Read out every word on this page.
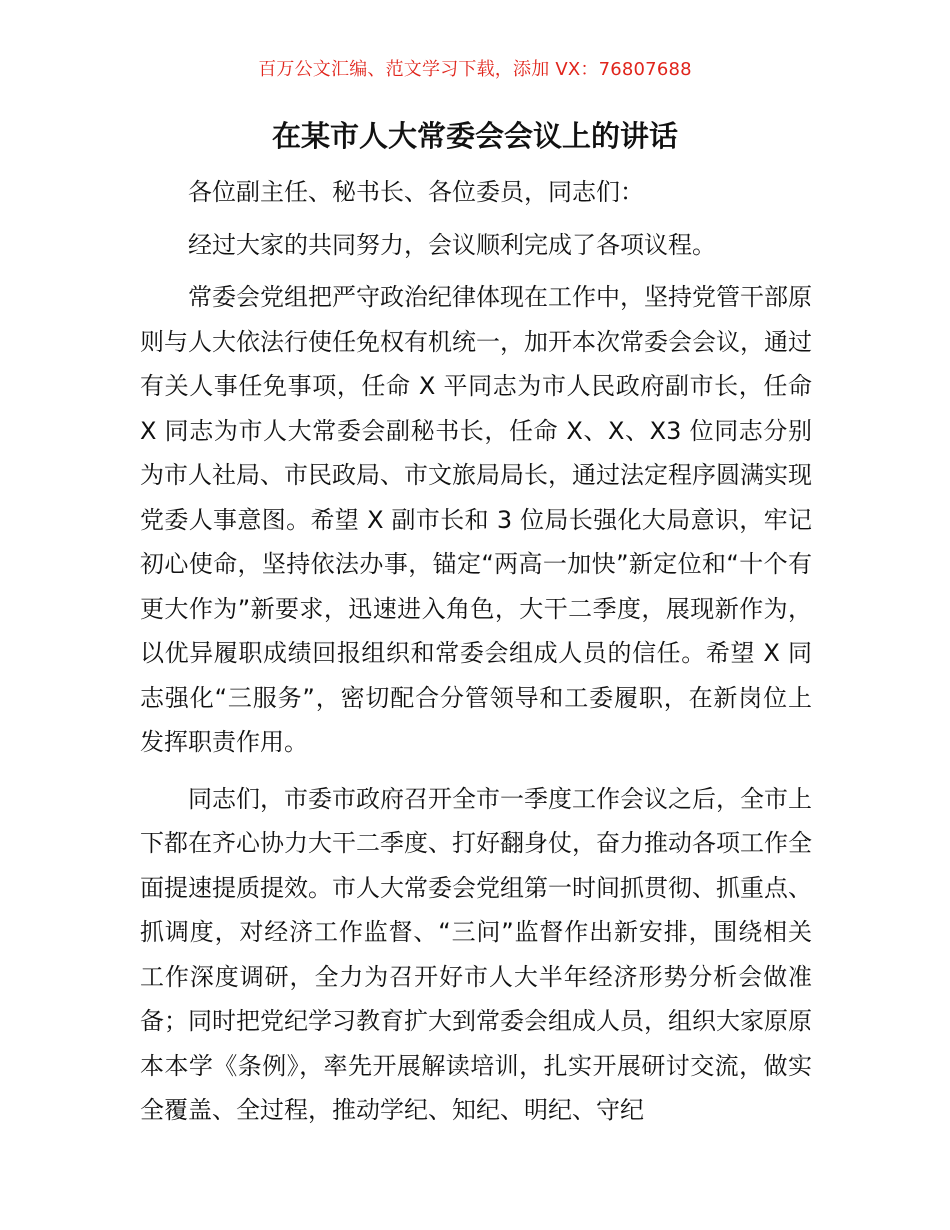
百万公文汇编、范文学习下载，添加 VX：76807688
在某市人大常委会会议上的讲话

各位副主任、秘书长、各位委员，同志们：

经过大家的共同努力，会议顺利完成了各项议程。

常委会党组把严守政治纪律体现在工作中，坚持党管干部原则与人大依法行使任免权有机统一，加开本次常委会会议，通过有关人事任免事项，任命 X 平同志为市人民政府副市长，任命 X 同志为市人大常委会副秘书长，任命 X、X、X3 位同志分别为市人社局、市民政局、市文旅局局长，通过法定程序圆满实现党委人事意图。希望 X 副市长和 3 位局长强化大局意识，牢记初心使命，坚持依法办事，锚定“两高一加快”新定位和“十个有更大作为”新要求，迅速进入角色，大干二季度，展现新作为，以优异履职成绩回报组织和常委会组成人员的信任。希望 X 同志强化“三服务”，密切配合分管领导和工委履职，在新岗位上发挥职责作用。

同志们，市委市政府召开全市一季度工作会议之后，全市上下都在齐心协力大干二季度、打好翻身仗，奋力推动各项工作全面提速提质提效。市人大常委会党组第一时间抓贯彻、抓重点、抓调度，对经济工作监督、“三问”监督作出新安排，围绕相关工作深度调研，全力为召开好市人大半年经济形势分析会做准备；同时把党纪学习教育扩大到常委会组成人员，组织大家原原本本学《条例》，率先开展解读培训，扎实开展研讨交流，做实全覆盖、全过程，推动学纪、知纪、明纪、守纪
